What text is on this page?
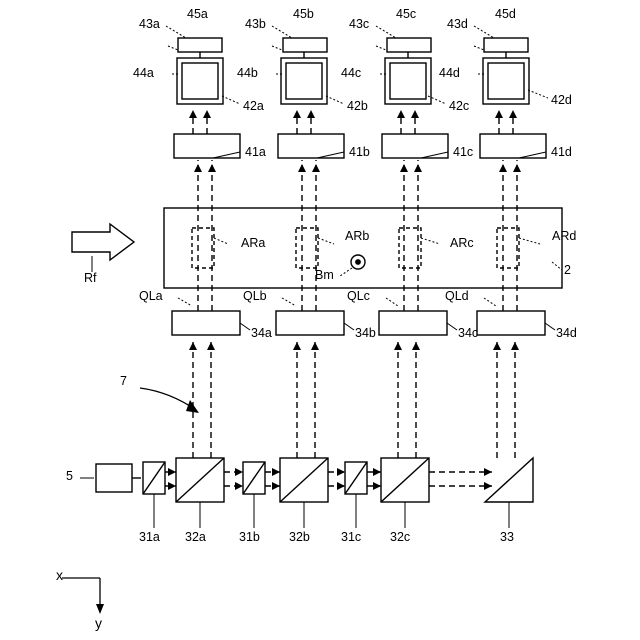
43a	43b	43c	43d
45a	45b	45c	45d
44a	44b	44c	44d
42a	42b	42c	42d
41a	41b	41c	41d
ARa	ARb	ARc	ARd
Bm	2
QLa	QLb	QLc	QLd
34a	34b	34c	34d
7
Rf
5
31a 32a	31b 32b 31c 32c	33
x
y
